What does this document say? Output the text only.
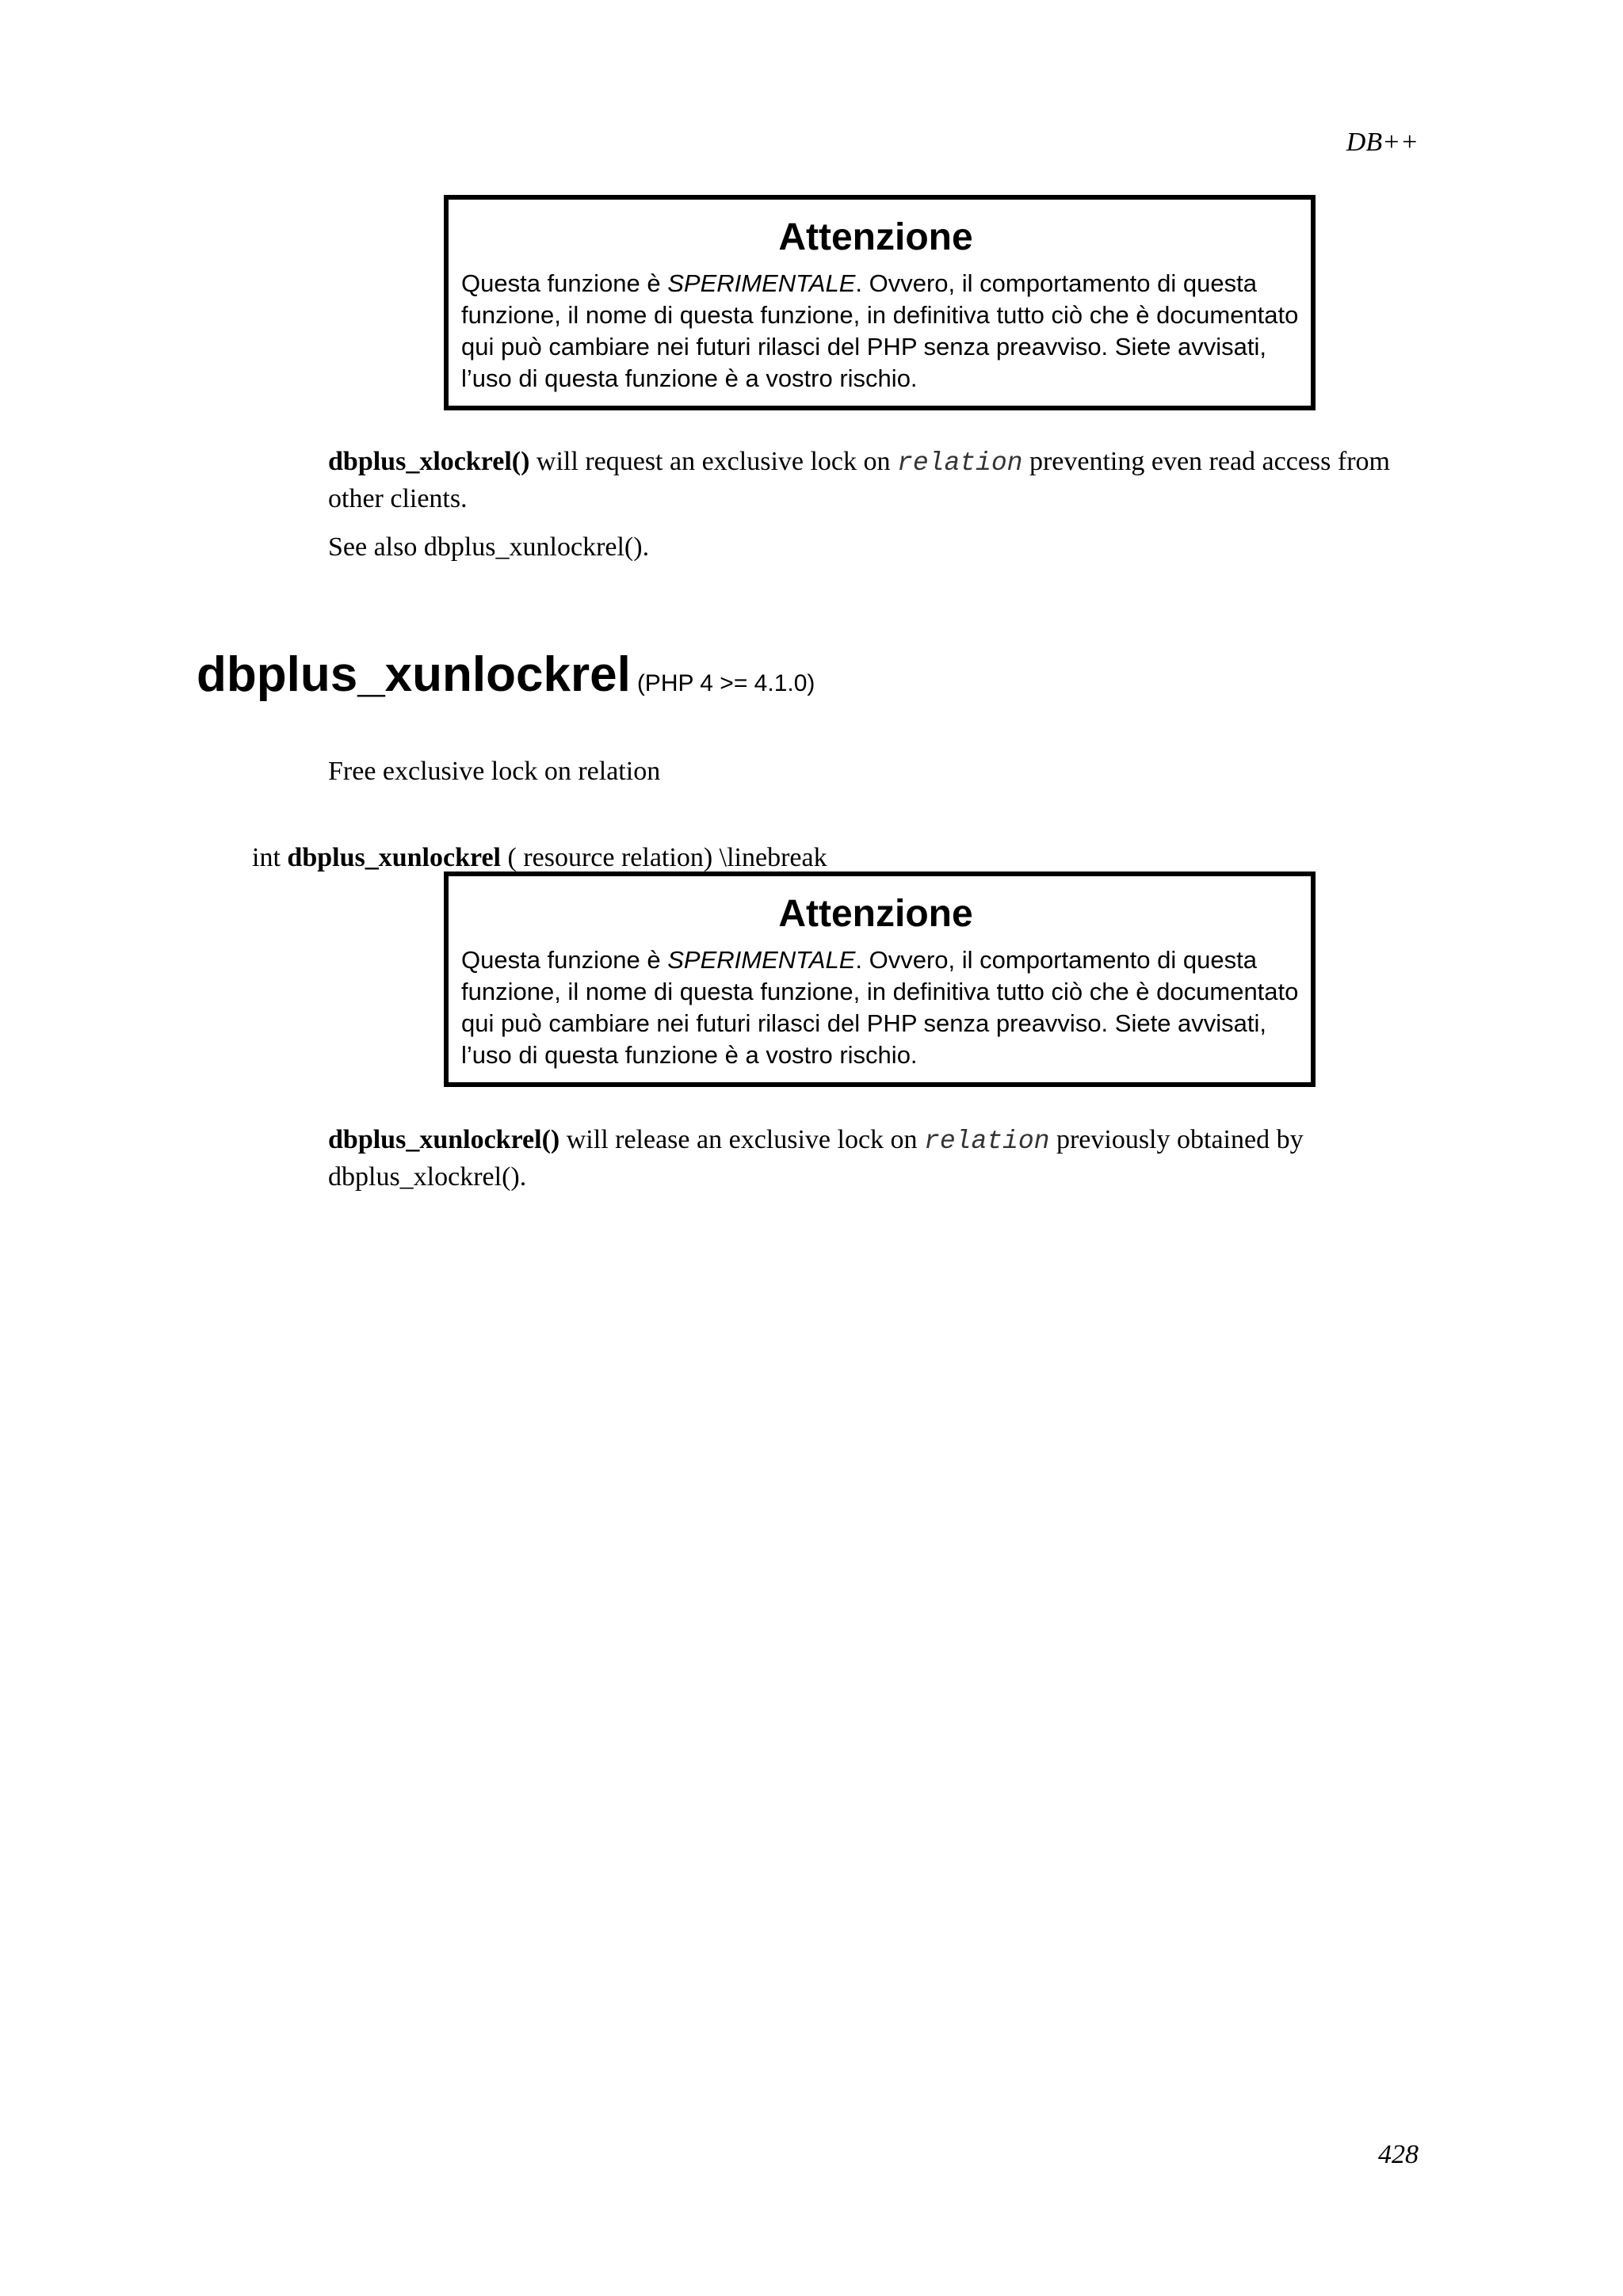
DB++

Attenzione

Questa funzione è SPERIMENTALE. Ovvero, il comportamento di questa

funzione, il nome di questa funzione, in definitiva tutto ciò che è documentato

qui può cambiare nei futuri rilasci del PHP senza preavviso. Siete avvisati,

l’uso di questa funzione è a vostro rischio.

dbplus_xlockrel() will request an exclusive lock on relation preventing even read access from other clients.

See also dbplus_xunlockrel().

dbplus_xunlockrel (PHP 4 >= 4.1.0)

Free exclusive lock on relation

int dbplus_xunlockrel ( resource relation) \linebreak

Attenzione

Questa funzione è SPERIMENTALE. Ovvero, il comportamento di questa

funzione, il nome di questa funzione, in definitiva tutto ciò che è documentato

qui può cambiare nei futuri rilasci del PHP senza preavviso. Siete avvisati,

l’uso di questa funzione è a vostro rischio.

dbplus_xunlockrel() will release an exclusive lock on relation previously obtained by dbplus_xlockrel().

428
